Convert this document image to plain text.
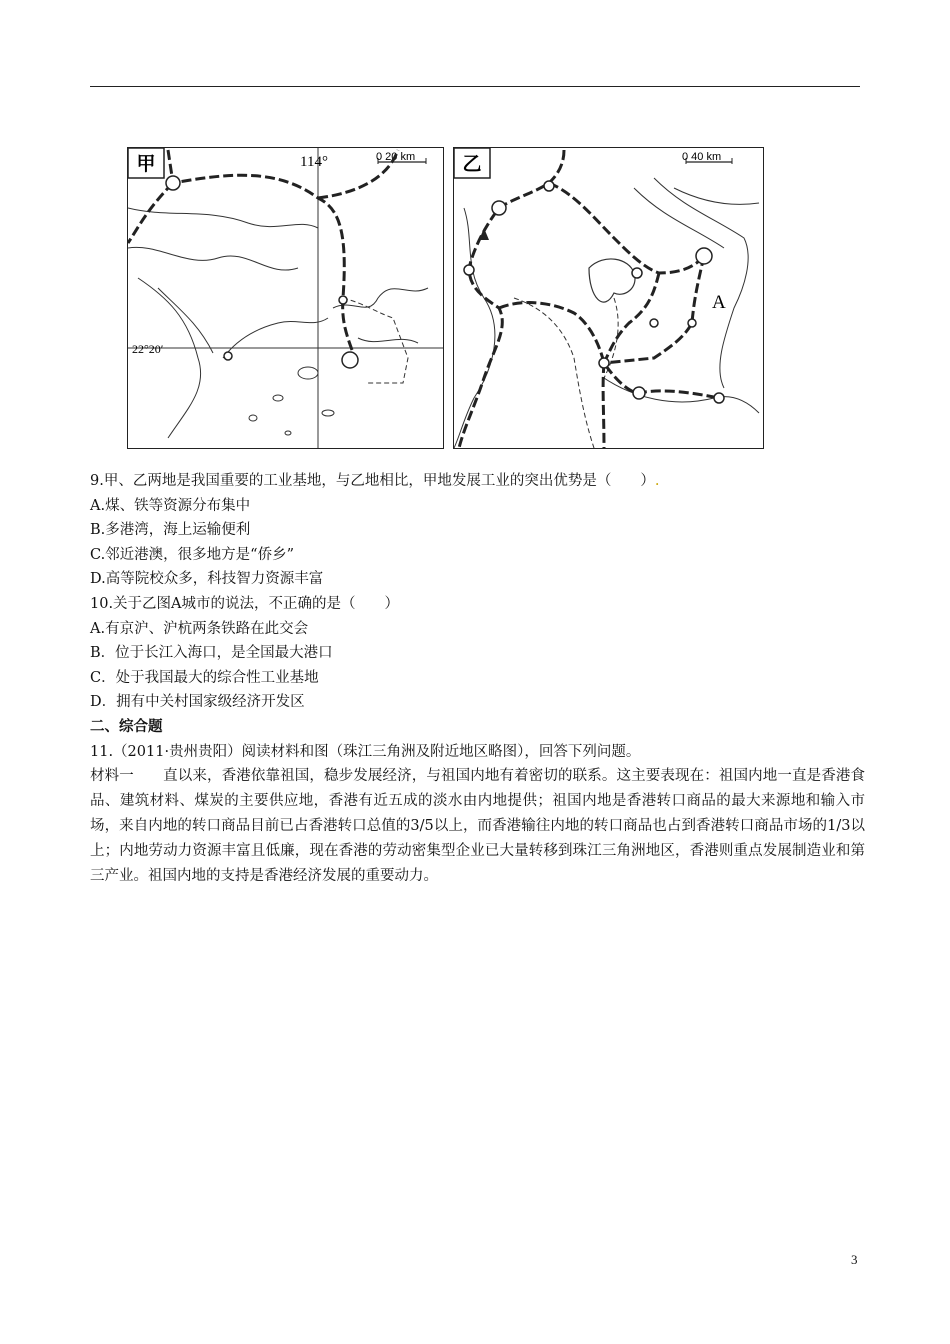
甲	114°
22°20′
0 20 km 乙	0 40 km
A

9.甲、乙两地是我国重要的工业基地，与乙地相比，甲地发展工业的突出优势是（　　）.

A.煤、铁等资源分布集中

B.多港湾，海上运输便利

C.邻近港澳，很多地方是“侨乡”

D.高等院校众多，科技智力资源丰富

10.关于乙图A城市的说法，不正确的是（　　）

A.有京沪、沪杭两条铁路在此交会

B．位于长江入海口，是全国最大港口

C．处于我国最大的综合性工业基地

D．拥有中关村国家级经济开发区

二、综合题

11.（2011·贵州贵阳）阅读材料和图（珠江三角洲及附近地区略图），回答下列问题。

材料一　　直以来，香港依靠祖国，稳步发展经济，与祖国内地有着密切的联系。这主要表现在：祖国内地一直是香港食品、建筑材料、煤炭的主要供应地，香港有近五成的淡水由内地提供；祖国内地是香港转口商品的最大来源地和输入市场，来自内地的转口商品目前已占香港转口总值的3/5以上，而香港输往内地的转口商品也占到香港转口商品市场的1/3以上；内地劳动力资源丰富且低廉，现在香港的劳动密集型企业已大量转移到珠江三角洲地区，香港则重点发展制造业和第三产业。祖国内地的支持是香港经济发展的重要动力。

3
